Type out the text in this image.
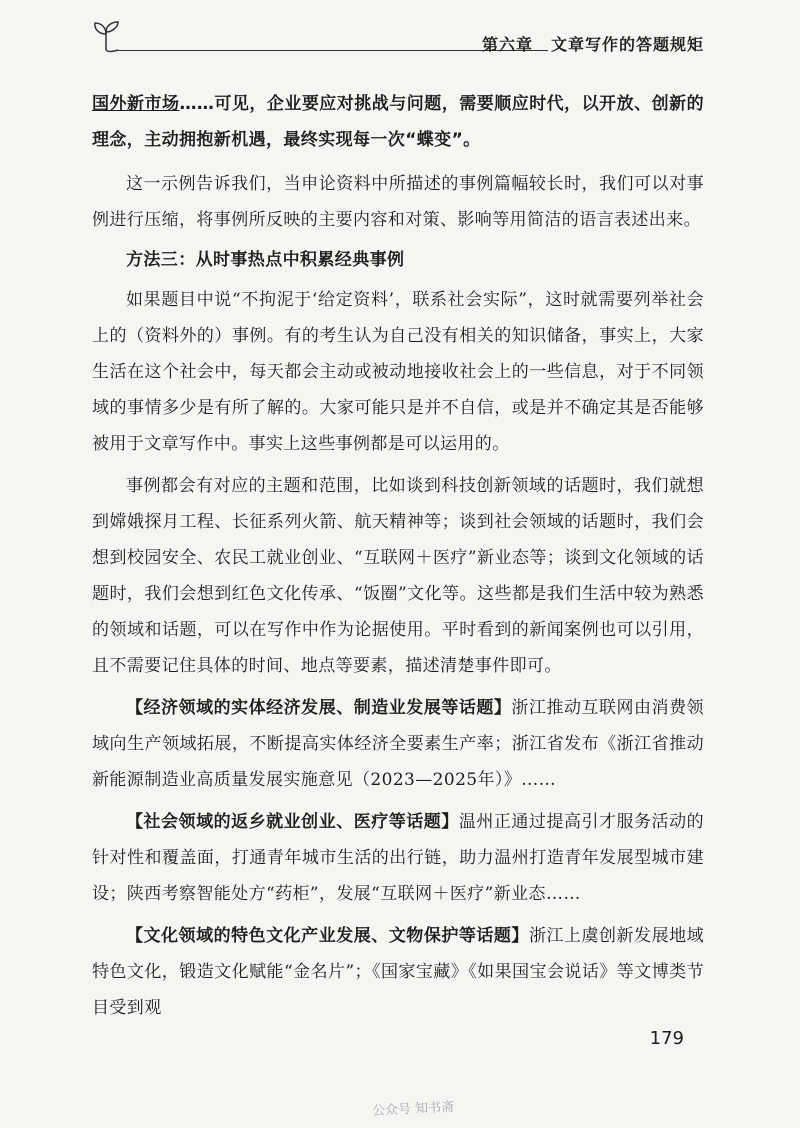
第六章 文章写作的答题规矩

国外新市场……可见，企业要应对挑战与问题，需要顺应时代，以开放、创新的理念，主动拥抱新机遇，最终实现每一次“蝶变”。

这一示例告诉我们，当申论资料中所描述的事例篇幅较长时，我们可以对事例进行压缩，将事例所反映的主要内容和对策、影响等用简洁的语言表述出来。

方法三：从时事热点中积累经典事例

如果题目中说“不拘泥于‘给定资料’，联系社会实际”，这时就需要列举社会上的（资料外的）事例。有的考生认为自己没有相关的知识储备，事实上，大家生活在这个社会中，每天都会主动或被动地接收社会上的一些信息，对于不同领域的事情多少是有所了解的。大家可能只是并不自信，或是并不确定其是否能够被用于文章写作中。事实上这些事例都是可以运用的。

事例都会有对应的主题和范围，比如谈到科技创新领域的话题时，我们就想到嫦娥探月工程、长征系列火箭、航天精神等；谈到社会领域的话题时，我们会想到校园安全、农民工就业创业、“互联网＋医疗”新业态等；谈到文化领域的话题时，我们会想到红色文化传承、“饭圈”文化等。这些都是我们生活中较为熟悉的领域和话题，可以在写作中作为论据使用。平时看到的新闻案例也可以引用，且不需要记住具体的时间、地点等要素，描述清楚事件即可。

【经济领域的实体经济发展、制造业发展等话题】浙江推动互联网由消费领域向生产领域拓展，不断提高实体经济全要素生产率；浙江省发布《浙江省推动新能源制造业高质量发展实施意见（2023—2025年）》……

【社会领域的返乡就业创业、医疗等话题】温州正通过提高引才服务活动的针对性和覆盖面，打通青年城市生活的出行链，助力温州打造青年发展型城市建设；陕西考察智能处方“药柜”，发展“互联网＋医疗”新业态……

【文化领域的特色文化产业发展、文物保护等话题】浙江上虞创新发展地域特色文化，锻造文化赋能“金名片”；《国家宝藏》《如果国宝会说话》等文博类节目受到观

179
公众号 知书斋
